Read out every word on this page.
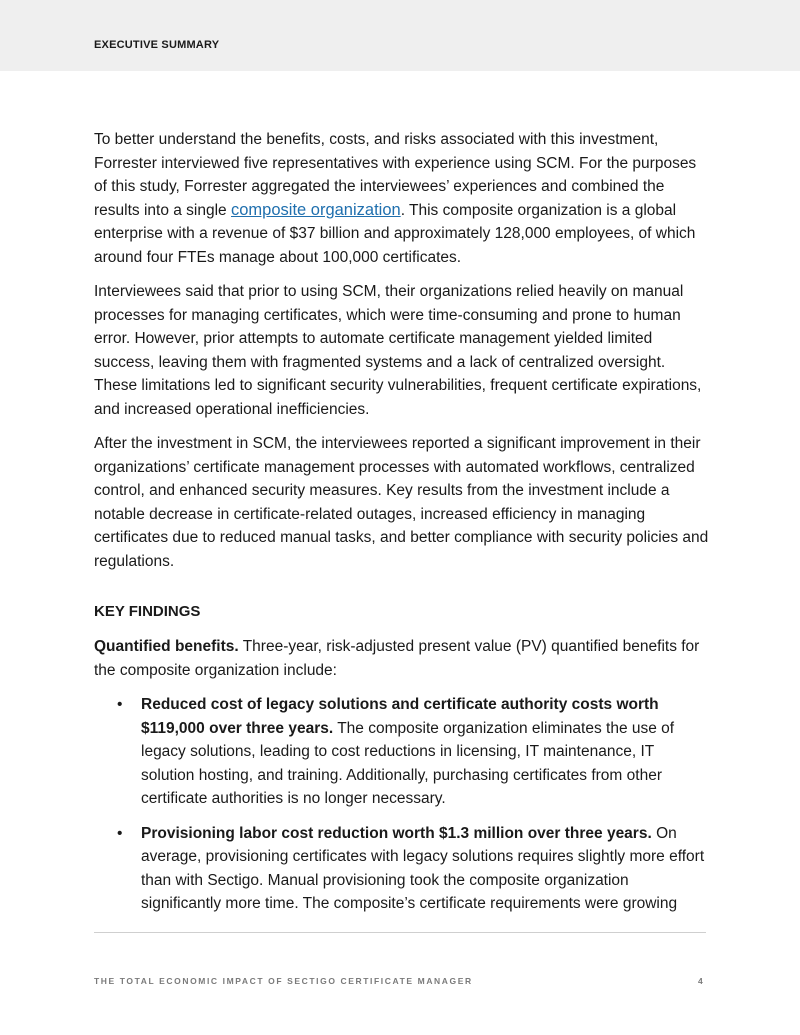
EXECUTIVE SUMMARY

To better understand the benefits, costs, and risks associated with this investment, Forrester interviewed five representatives with experience using SCM. For the purposes of this study, Forrester aggregated the interviewees’ experiences and combined the results into a single composite organization. This composite organization is a global enterprise with a revenue of $37 billion and approximately 128,000 employees, of which around four FTEs manage about 100,000 certificates.

Interviewees said that prior to using SCM, their organizations relied heavily on manual processes for managing certificates, which were time-consuming and prone to human error. However, prior attempts to automate certificate management yielded limited success, leaving them with fragmented systems and a lack of centralized oversight. These limitations led to significant security vulnerabilities, frequent certificate expirations, and increased operational inefficiencies.

After the investment in SCM, the interviewees reported a significant improvement in their organizations’ certificate management processes with automated workflows, centralized control, and enhanced security measures. Key results from the investment include a notable decrease in certificate-related outages, increased efficiency in managing certificates due to reduced manual tasks, and better compliance with security policies and regulations.

KEY FINDINGS

Quantified benefits. Three-year, risk-adjusted present value (PV) quantified benefits for the composite organization include:

• Reduced cost of legacy solutions and certificate authority costs worth $119,000 over three years. The composite organization eliminates the use of legacy solutions, leading to cost reductions in licensing, IT maintenance, IT solution hosting, and training. Additionally, purchasing certificates from other certificate authorities is no longer necessary.
• Provisioning labor cost reduction worth $1.3 million over three years. On average, provisioning certificates with legacy solutions requires slightly more effort than with Sectigo. Manual provisioning took the composite organization significantly more time. The composite’s certificate requirements were growing
THE TOTAL ECONOMIC IMPACT OF SECTIGO CERTIFICATE MANAGER	4
